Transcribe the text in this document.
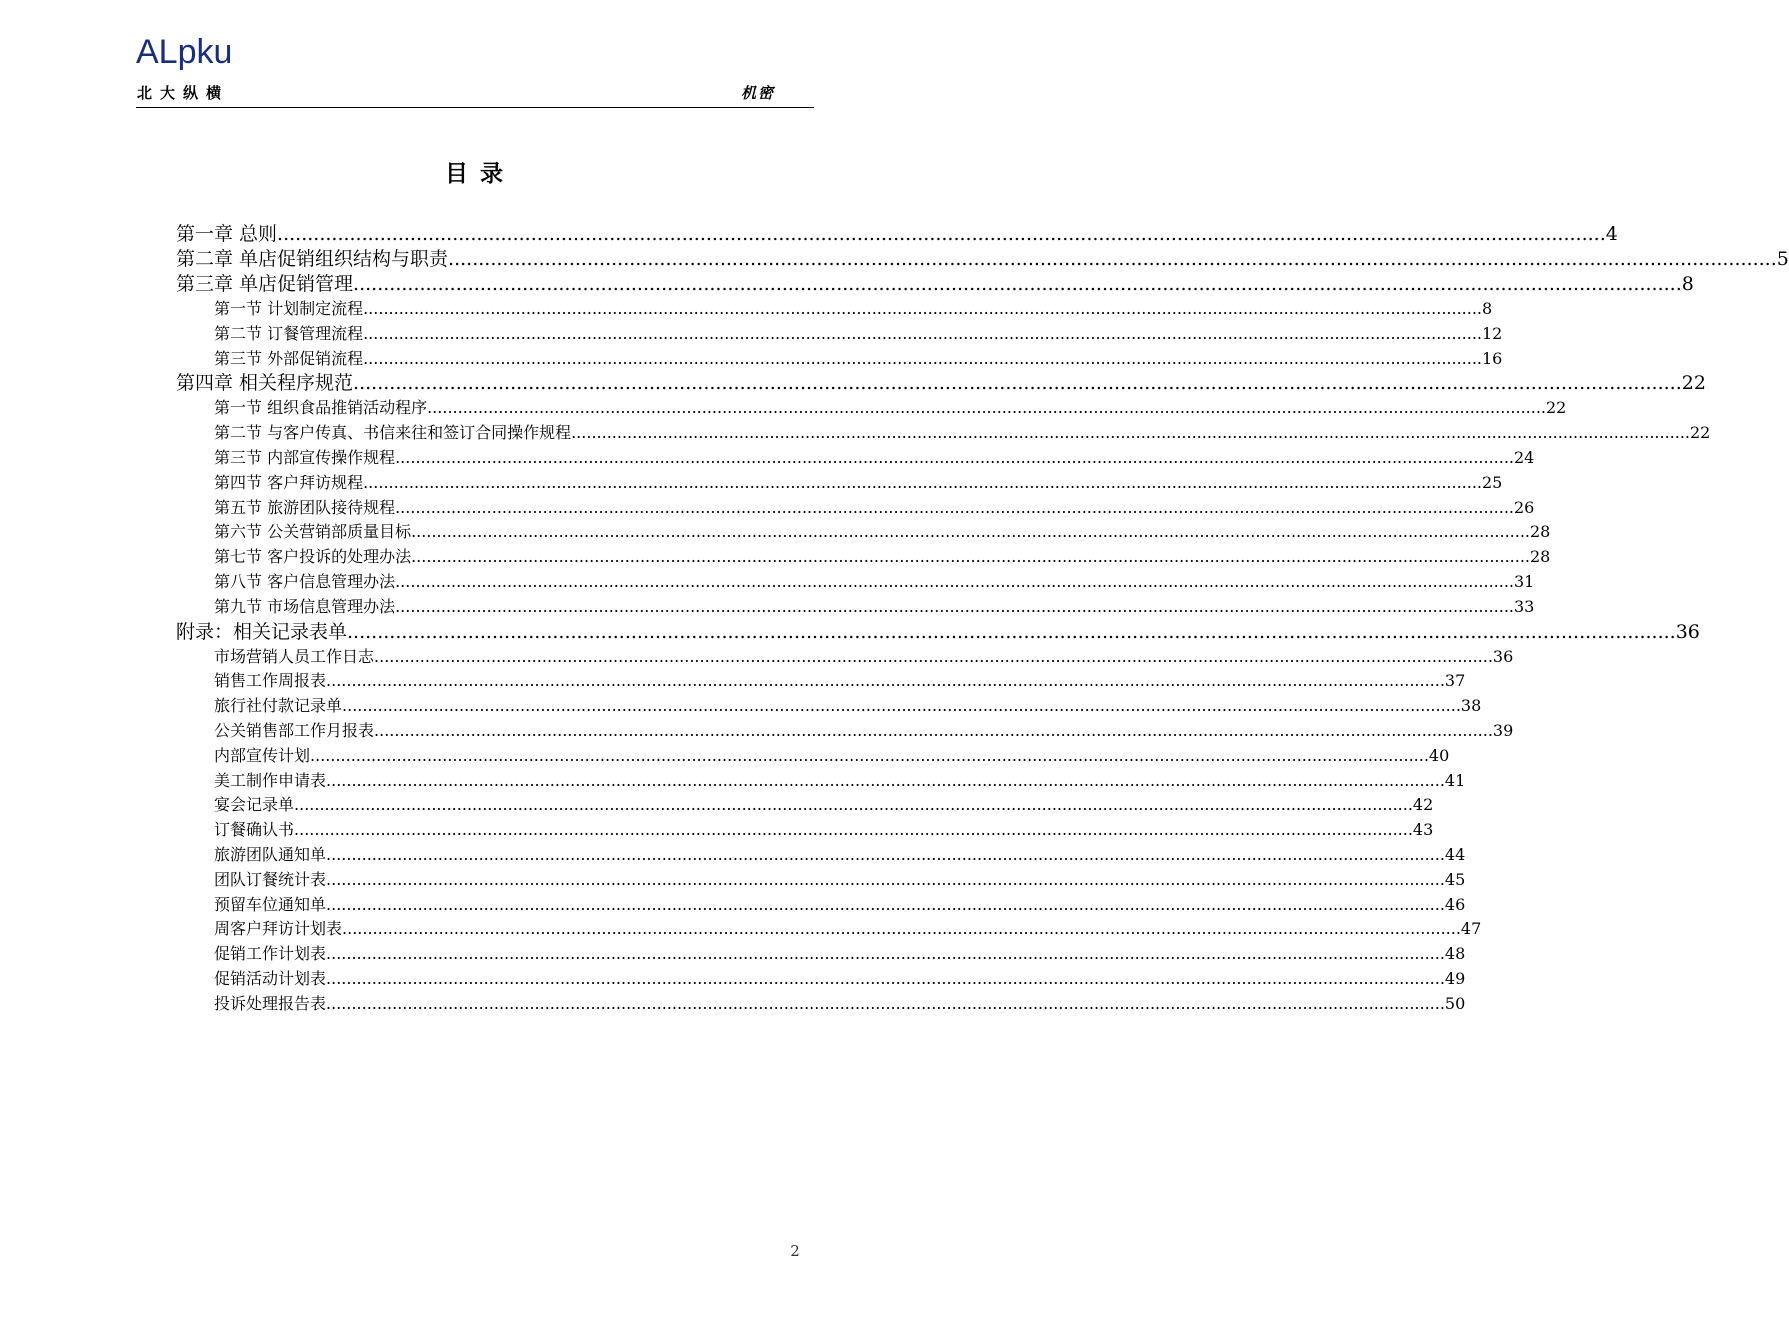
ALpku
北大纵横	机密
目 录
第一章 总则 ............................................................................................................................................................................................................................ 4
第二章 单店促销组织结构与职责 ............................................................................................................................................................................................................................ 5
第三章 单店促销管理 ............................................................................................................................................................................................................................ 8
第一节 计划制定流程 ............................................................................................................................................................................................................................ 8
第二节 订餐管理流程 ............................................................................................................................................................................................................................ 12
第三节 外部促销流程 ............................................................................................................................................................................................................................ 16
第四章 相关程序规范 ............................................................................................................................................................................................................................ 22
第一节 组织食品推销活动程序 ............................................................................................................................................................................................................................ 22
第二节 与客户传真、书信来往和签订合同操作规程 ............................................................................................................................................................................................................................ 22
第三节 内部宣传操作规程 ............................................................................................................................................................................................................................ 24
第四节 客户拜访规程 ............................................................................................................................................................................................................................ 25
第五节 旅游团队接待规程 ............................................................................................................................................................................................................................ 26
第六节 公关营销部质量目标 ............................................................................................................................................................................................................................ 28
第七节 客户投诉的处理办法 ............................................................................................................................................................................................................................ 28
第八节 客户信息管理办法 ............................................................................................................................................................................................................................ 31
第九节 市场信息管理办法 ............................................................................................................................................................................................................................ 33
附录：相关记录表单 ............................................................................................................................................................................................................................ 36
市场营销人员工作日志 ............................................................................................................................................................................................................................ 36
销售工作周报表 ............................................................................................................................................................................................................................ 37
旅行社付款记录单 ............................................................................................................................................................................................................................ 38
公关销售部工作月报表 ............................................................................................................................................................................................................................ 39
内部宣传计划 ............................................................................................................................................................................................................................ 40
美工制作申请表 ............................................................................................................................................................................................................................ 41
宴会记录单 ............................................................................................................................................................................................................................ 42
订餐确认书 ............................................................................................................................................................................................................................ 43
旅游团队通知单 ............................................................................................................................................................................................................................ 44
团队订餐统计表 ............................................................................................................................................................................................................................ 45
预留车位通知单 ............................................................................................................................................................................................................................ 46
周客户拜访计划表 ............................................................................................................................................................................................................................ 47
促销工作计划表 ............................................................................................................................................................................................................................ 48
促销活动计划表 ............................................................................................................................................................................................................................ 49
投诉处理报告表 ............................................................................................................................................................................................................................ 50
2
